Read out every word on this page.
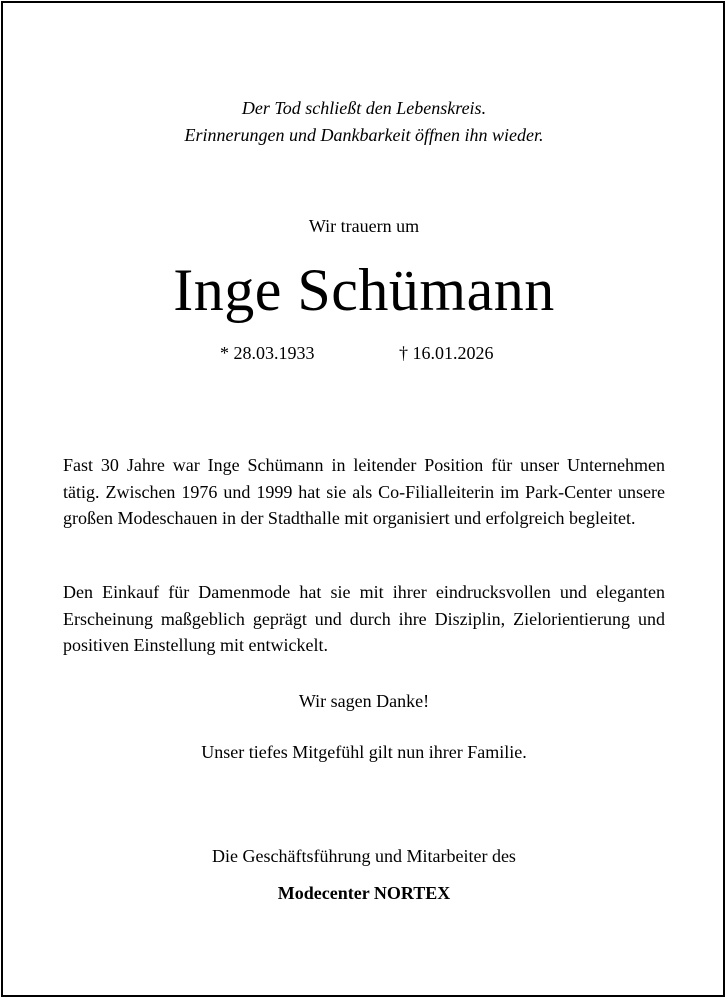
Der Tod schließt den Lebenskreis.
Erinnerungen und Dankbarkeit öffnen ihn wieder.
Wir trauern um
Inge Schümann
* 28.03.1933	† 16.01.2026
Fast 30 Jahre war Inge Schümann in leitender Position für unser Unternehmen tätig. Zwischen 1976 und 1999 hat sie als Co-Filialleiterin im Park-Center unsere großen Modeschauen in der Stadthalle mit organisiert und erfolgreich begleitet.
Den Einkauf für Damenmode hat sie mit ihrer eindrucksvollen und eleganten Erscheinung maßgeblich geprägt und durch ihre Disziplin, Zielorientierung und positiven Einstellung mit entwickelt.
Wir sagen Danke!
Unser tiefes Mitgefühl gilt nun ihrer Familie.
Die Geschäftsführung und Mitarbeiter des
Modecenter NORTEX
